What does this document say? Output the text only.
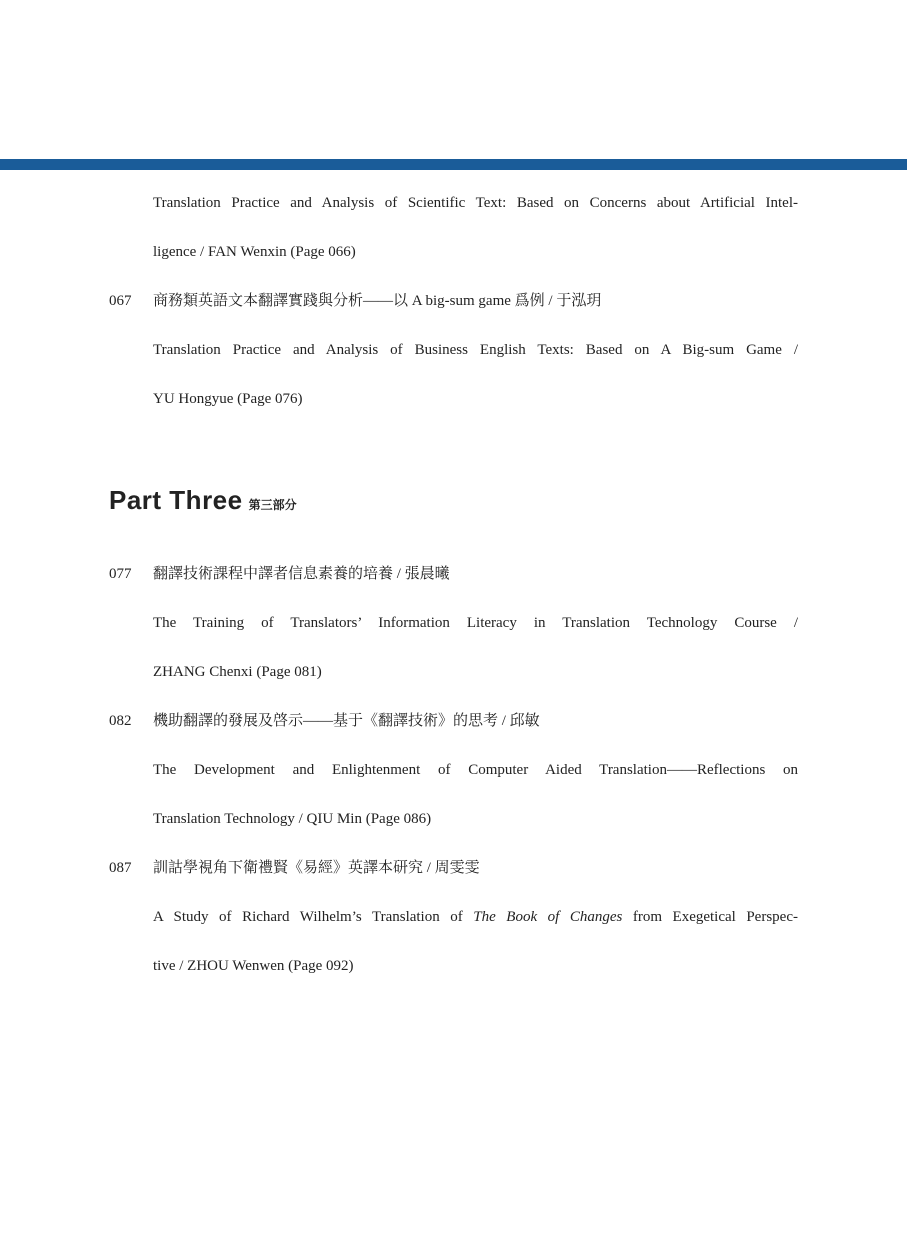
Translation Practice and Analysis of Scientific Text: Based on Concerns about Artificial Intel-
ligence / FAN Wenxin (Page 066)
067 商務類英語文本翻譯實踐與分析——以 A big-sum game 爲例 / 于泓玥
Translation Practice and Analysis of Business English Texts: Based on A Big-sum Game /
YU Hongyue (Page 076)
Part Three 第三部分
077 翻譯技術課程中譯者信息素養的培養 / 張晨曦
The Training of Translators’ Information Literacy in Translation Technology Course /
ZHANG Chenxi (Page 081)
082 機助翻譯的發展及啓示——基于《翻譯技術》的思考 / 邱敏
The Development and Enlightenment of Computer Aided Translation——Reflections on
Translation Technology / QIU Min (Page 086)
087 訓詁學視角下衛禮賢《易經》英譯本研究 / 周雯雯
A Study of Richard Wilhelm’s Translation of The Book of Changes from Exegetical Perspec-
tive / ZHOU Wenwen (Page 092)
